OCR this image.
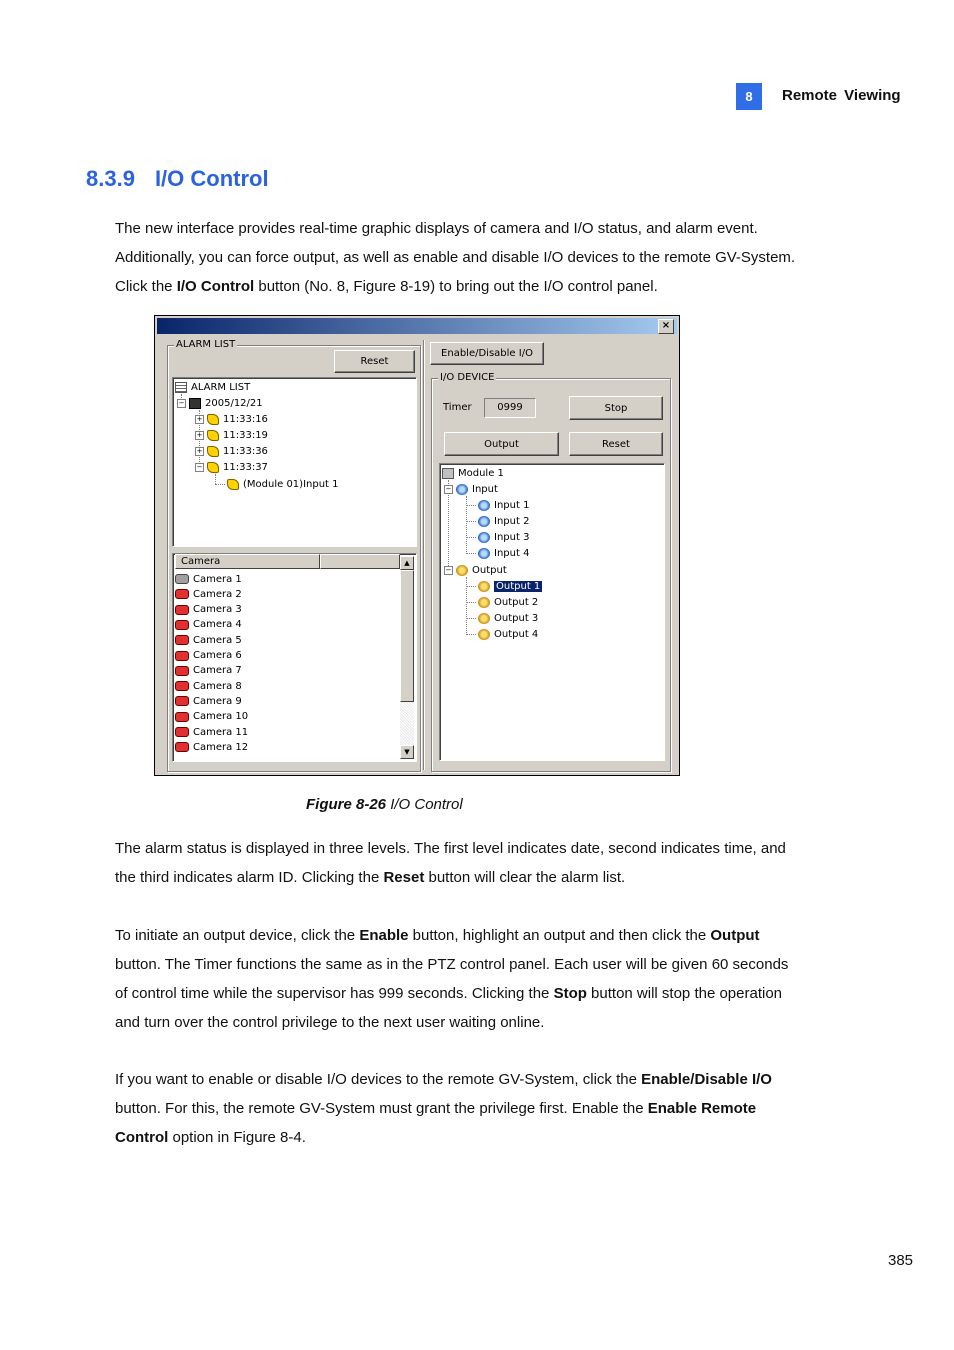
8	Remote Viewing
8.3.9 I/O Control
The new interface provides real-time graphic displays of camera and I/O status, and alarm event.
Additionally, you can force output, as well as enable and disable I/O devices to the remote GV-System.
Click the I/O Control button (No. 8, Figure 8-19) to bring out the I/O control panel.
×
ALARM LIST
Reset
ALARM LIST
− 2005/12/21
+ 11:33:16
+ 11:33:19
+ 11:33:36
− 11:33:37
(Module 01)Input 1
Camera
Camera 1
Camera 2
Camera 3
Camera 4
Camera 5
Camera 6
Camera 7
Camera 8
Camera 9
Camera 10
Camera 11
Camera 12
▲
▼
Enable/Disable I/O
I/O DEVICE
Timer	0999	Stop
Output	Reset
Module 1
− Input
Input 1
Input 2
Input 3
Input 4
− Output
Output 1
Output 2
Output 3
Output 4
Figure 8-26 I/O Control
The alarm status is displayed in three levels. The first level indicates date, second indicates time, and
the third indicates alarm ID. Clicking the Reset button will clear the alarm list.
To initiate an output device, click the Enable button, highlight an output and then click the Output
button. The Timer functions the same as in the PTZ control panel. Each user will be given 60 seconds
of control time while the supervisor has 999 seconds. Clicking the Stop button will stop the operation
and turn over the control privilege to the next user waiting online.
If you want to enable or disable I/O devices to the remote GV-System, click the Enable/Disable I/O
button. For this, the remote GV-System must grant the privilege first. Enable the Enable Remote
Control option in Figure 8-4.
385
